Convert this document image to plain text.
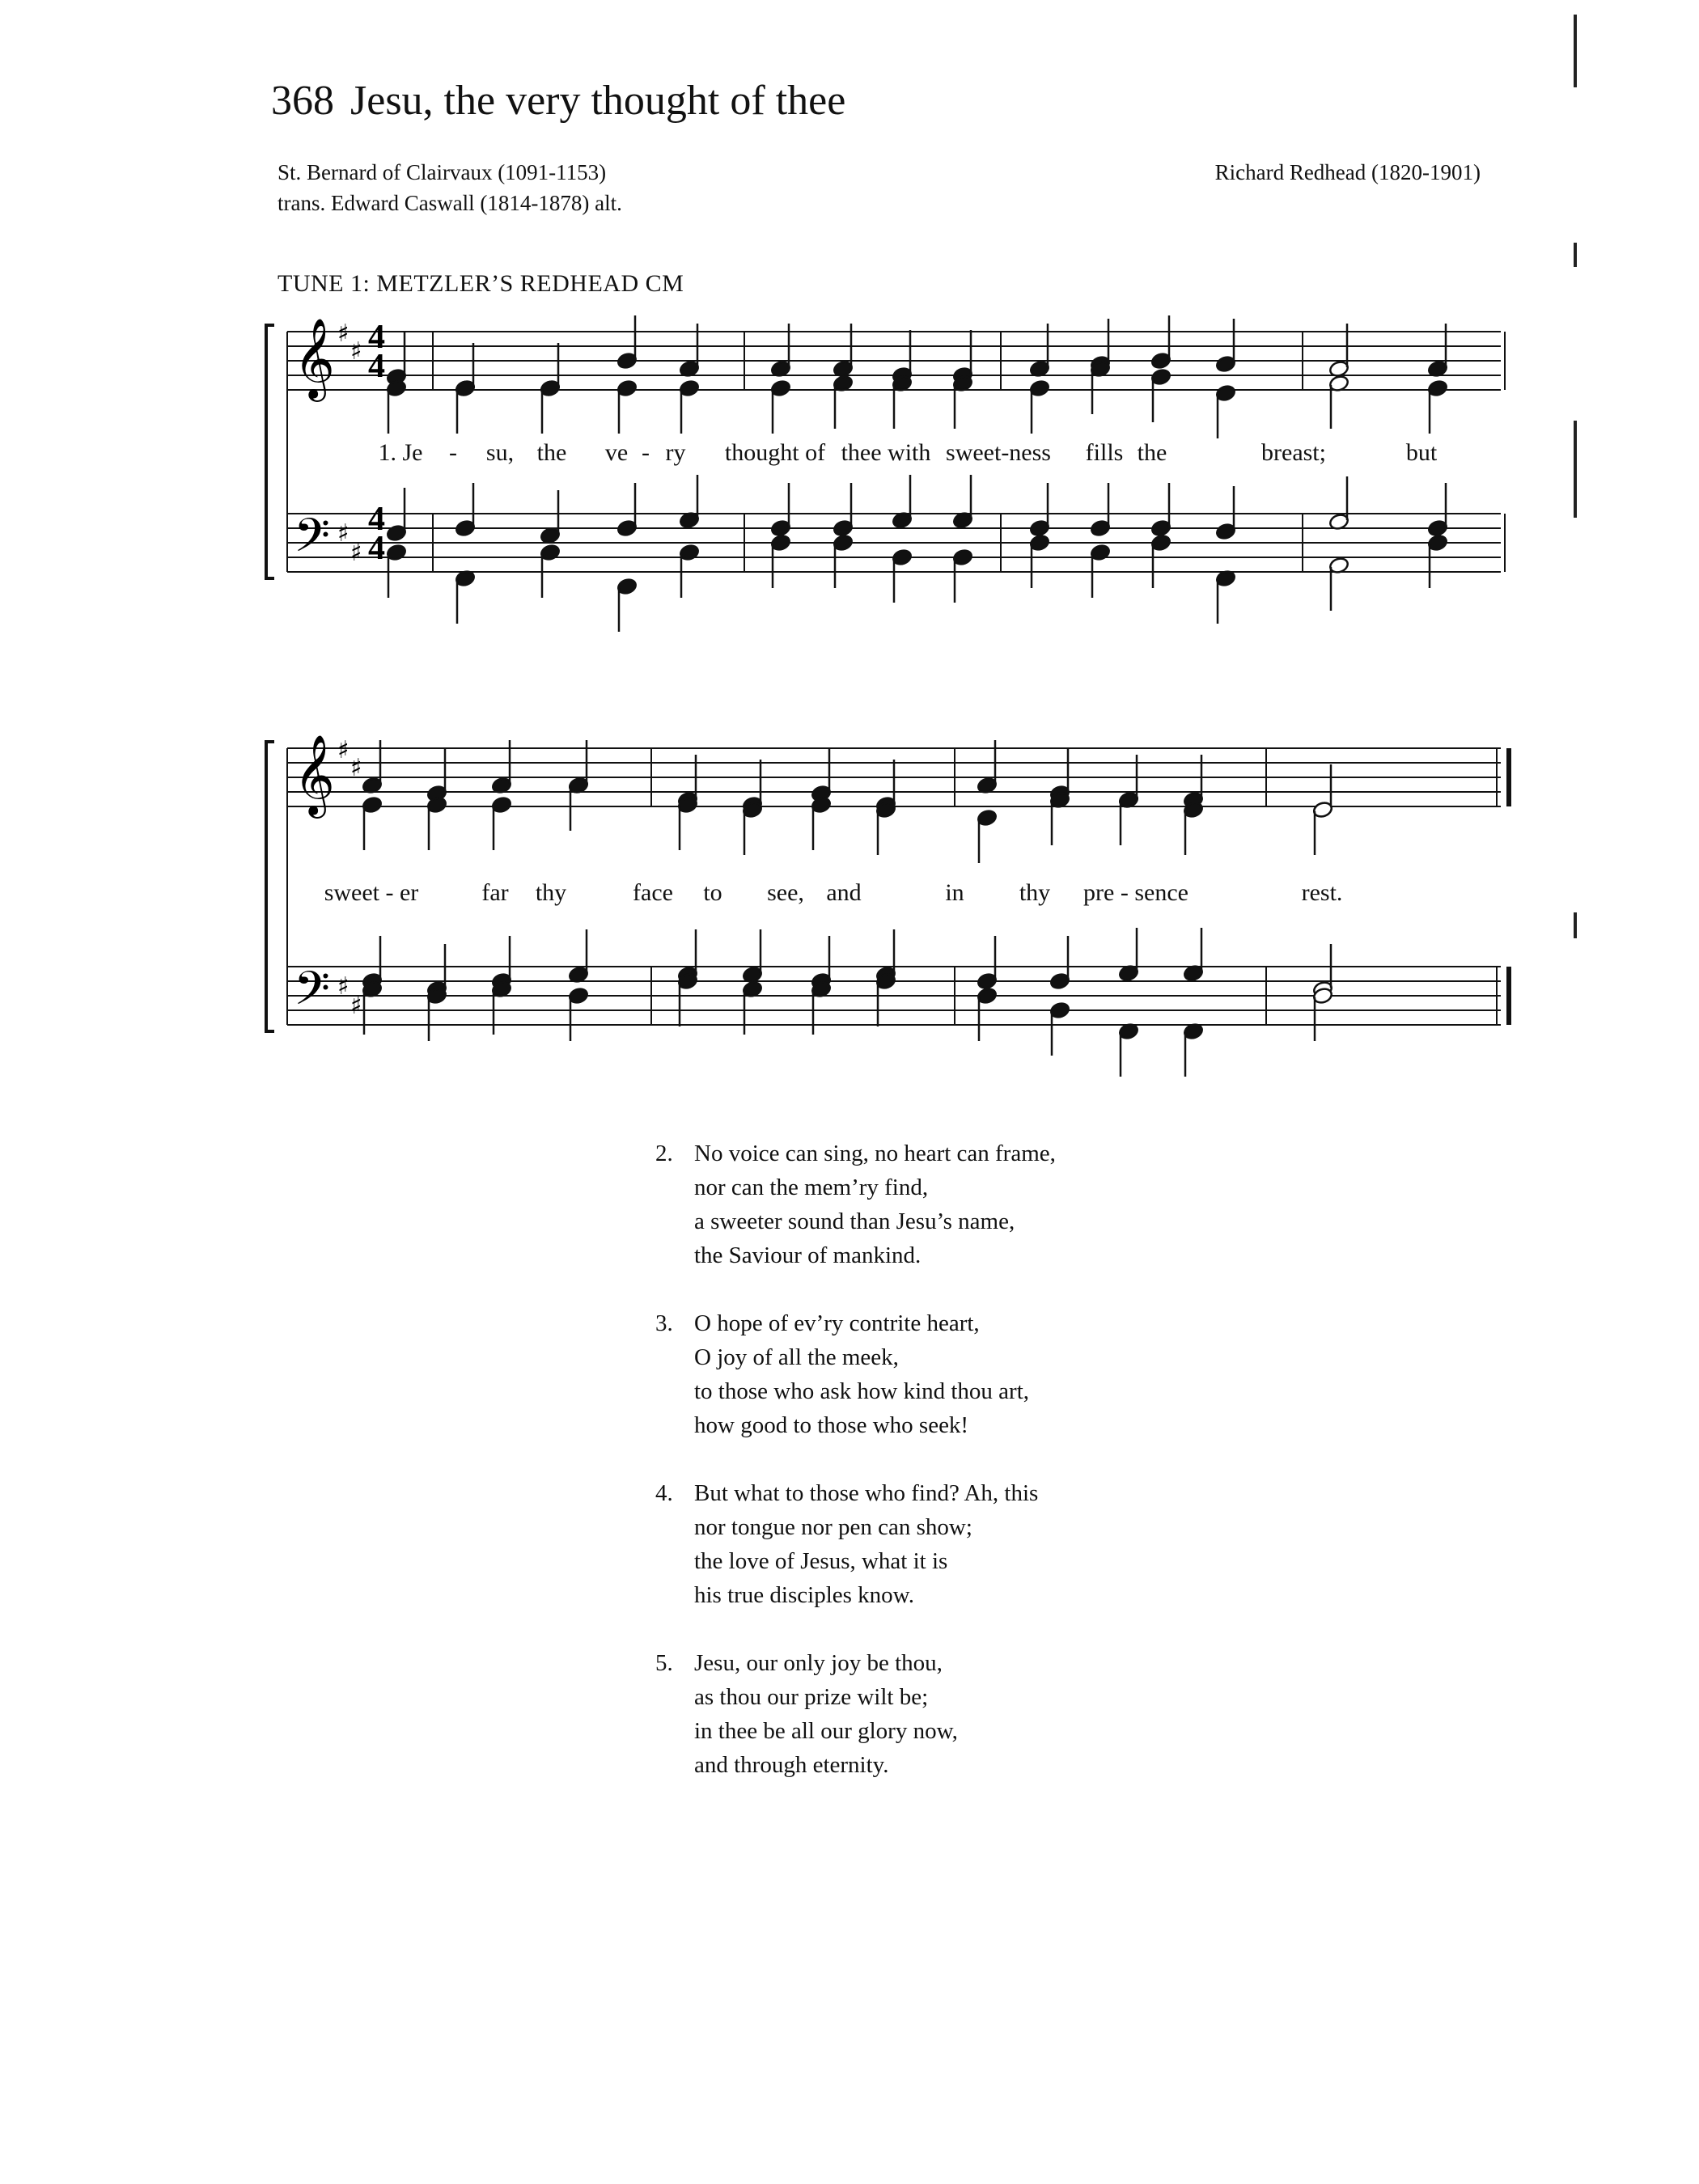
368 Jesu, the very thought of thee
St. Bernard of Clairvaux (1091-1153)
trans. Edward Caswall (1814-1878) alt.
Richard Redhead (1820-1901)
TUNE 1: METZLER’S REDHEAD CM
𝄞
𝄢
♯
♯
♯
♯
4
4
4
4
1. Je - su, the ve - ry thought of thee with sweet-ness fills the	breast;	but
𝄞
𝄢
♯
♯
♯
♯
sweet - er	far thy	face to see, and	in thy pre - sence	rest.
2. No voice can sing, no heart can frame,
nor can the mem’ry find,
a sweeter sound than Jesu’s name,
the Saviour of mankind.
3. O hope of ev’ry contrite heart,
O joy of all the meek,
to those who ask how kind thou art,
how good to those who seek!
4. But what to those who find? Ah, this
nor tongue nor pen can show;
the love of Jesus, what it is
his true disciples know.
5. Jesu, our only joy be thou,
as thou our prize wilt be;
in thee be all our glory now,
and through eternity.
